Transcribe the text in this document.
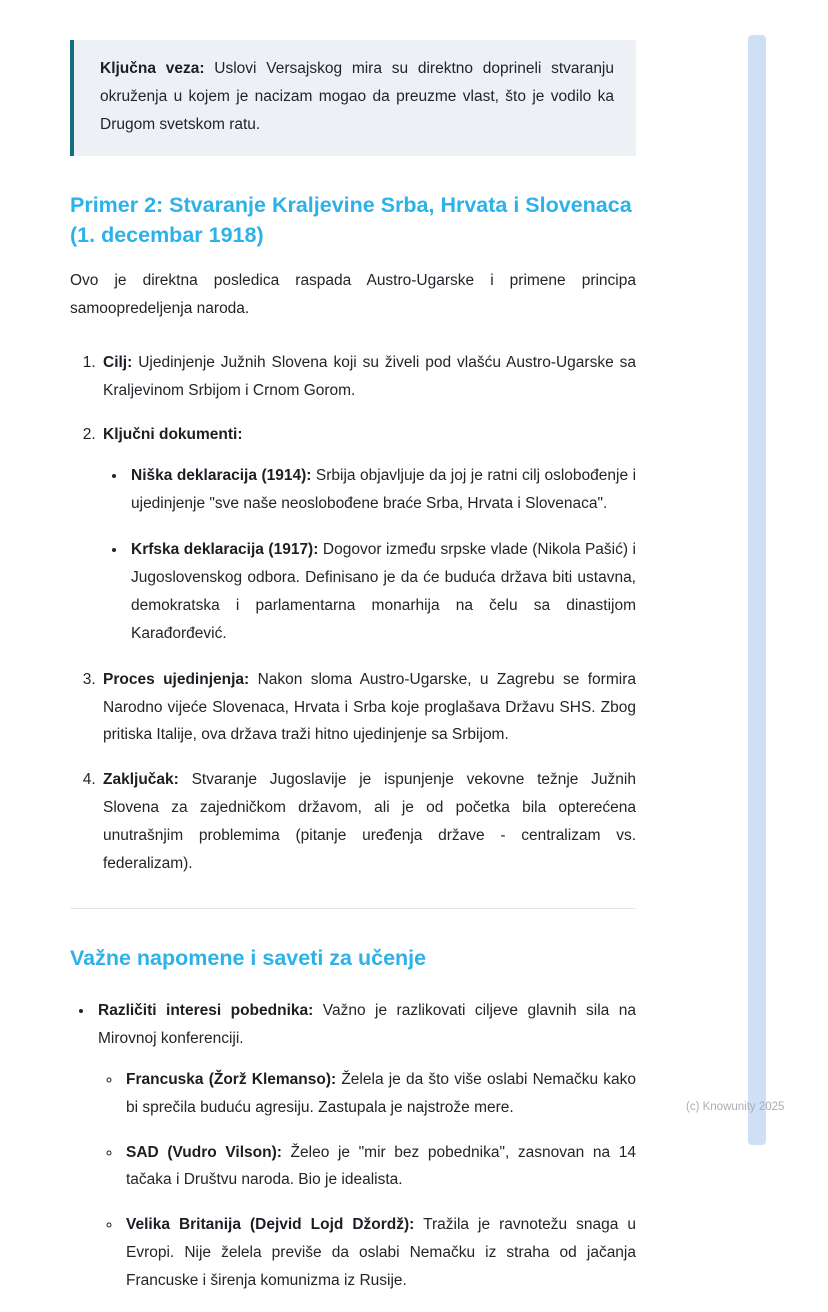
Ključna veza: Uslovi Versajskog mira su direktno doprineli stvaranju okruženja u kojem je nacizam mogao da preuzme vlast, što je vodilo ka Drugom svetskom ratu.
Primer 2: Stvaranje Kraljevine Srba, Hrvata i Slovenaca (1. decembar 1918)

Ovo je direktna posledica raspada Austro-Ugarske i primene principa samoopredeljenja naroda.

1. Cilj: Ujedinjenje Južnih Slovena koji su živeli pod vlašću Austro-Ugarske sa Kraljevinom Srbijom i Crnom Gorom.
2. Ključni dokumenti:
• Niška deklaracija (1914): Srbija objavljuje da joj je ratni cilj oslobođenje i ujedinjenje "sve naše neoslobođene braće Srba, Hrvata i Slovenaca".
• Krfska deklaracija (1917): Dogovor između srpske vlade (Nikola Pašić) i Jugoslovenskog odbora. Definisano je da će buduća država biti ustavna, demokratska i parlamentarna monarhija na čelu sa dinastijom Karađorđević.
3. Proces ujedinjenja: Nakon sloma Austro-Ugarske, u Zagrebu se formira Narodno vijeće Slovenaca, Hrvata i Srba koje proglašava Državu SHS. Zbog pritiska Italije, ova država traži hitno ujedinjenje sa Srbijom.
4. Zaključak: Stvaranje Jugoslavije je ispunjenje vekovne težnje Južnih Slovena za zajedničkom državom, ali je od početka bila opterećena unutrašnjim problemima (pitanje uređenja države - centralizam vs. federalizam).
Važne napomene i saveti za učenje
• Različiti interesi pobednika: Važno je razlikovati ciljeve glavnih sila na Mirovnoj konferenciji.
◦ Francuska (Žorž Klemanso): Želela je da što više oslabi Nemačku kako bi sprečila buduću agresiju. Zastupala je najstrože mere.
◦ SAD (Vudro Vilson): Želeo je "mir bez pobednika", zasnovan na 14 tačaka i Društvu naroda. Bio je idealista.
◦ Velika Britanija (Dejvid Lojd Džordž): Tražila je ravnotežu snaga u Evropi. Nije želela previše da oslabi Nemačku iz straha od jačanja Francuske i širenja komunizma iz Rusije.
(c) Knowunity 2025
